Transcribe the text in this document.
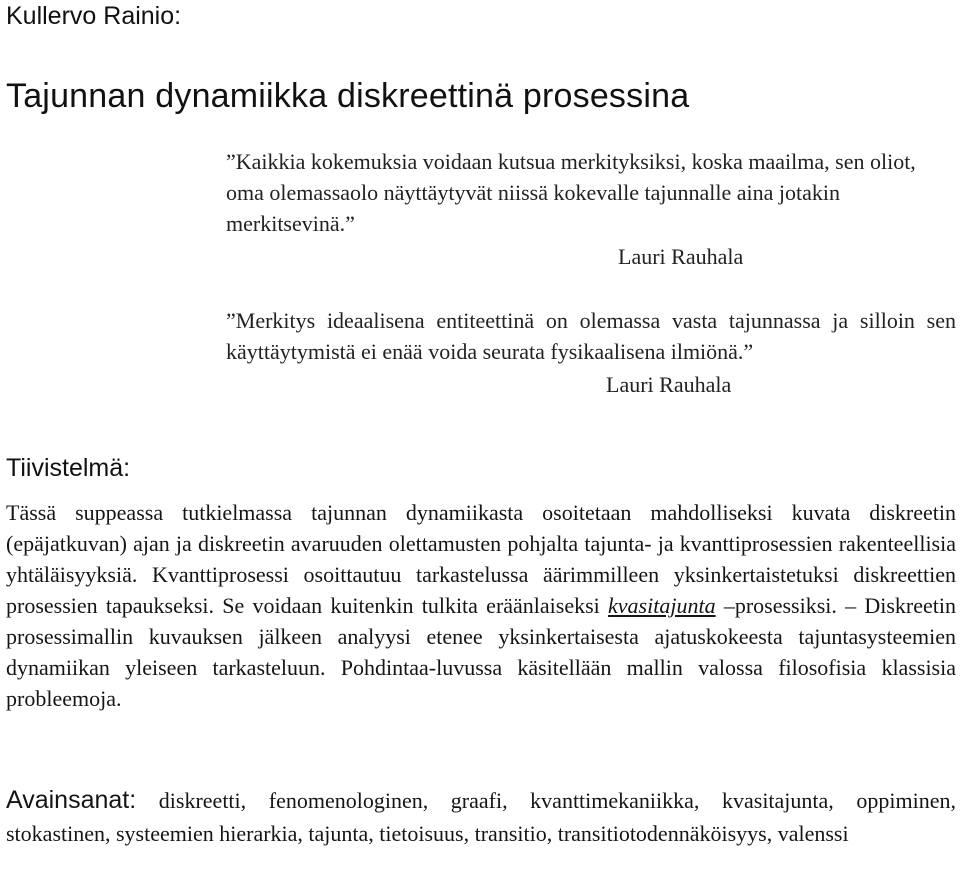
Kullervo Rainio:
Tajunnan dynamiikka diskreettinä prosessina

”Kaikkia kokemuksia voidaan kutsua merkityksiksi, koska maailma, sen oliot, oma olemassaolo näyttäytyvät niissä kokevalle tajunnalle aina jotakin merkitsevinä.”

Lauri Rauhala

”Merkitys ideaalisena entiteettinä on olemassa vasta tajunnassa ja silloin sen käyttäytymistä ei enää voida seurata fysikaalisena ilmiönä.”

Lauri Rauhala

Tiivistelmä:

Tässä suppeassa tutkielmassa tajunnan dynamiikasta osoitetaan mahdolliseksi kuvata diskreetin (epäjatkuvan) ajan ja diskreetin avaruuden olettamusten pohjalta tajunta- ja kvanttiprosessien rakenteellisia yhtäläisyyksiä. Kvanttiprosessi osoittautuu tarkastelussa äärimmilleen yksinkertaistetuksi diskreettien prosessien tapaukseksi. Se voidaan kuitenkin tulkita eräänlaiseksi kvasitajunta –prosessiksi. – Diskreetin prosessimallin kuvauksen jälkeen analyysi etenee yksinkertaisesta ajatuskokeesta tajuntasysteemien dynamiikan yleiseen tarkasteluun. Pohdintaa-luvussa käsitellään mallin valossa filosofisia klassisia probleemoja.

Avainsanat: diskreetti, fenomenologinen, graafi, kvanttimekaniikka, kvasitajunta, oppiminen, stokastinen, systeemien hierarkia, tajunta, tietoisuus, transitio, transitiotodennäköisyys, valenssi
